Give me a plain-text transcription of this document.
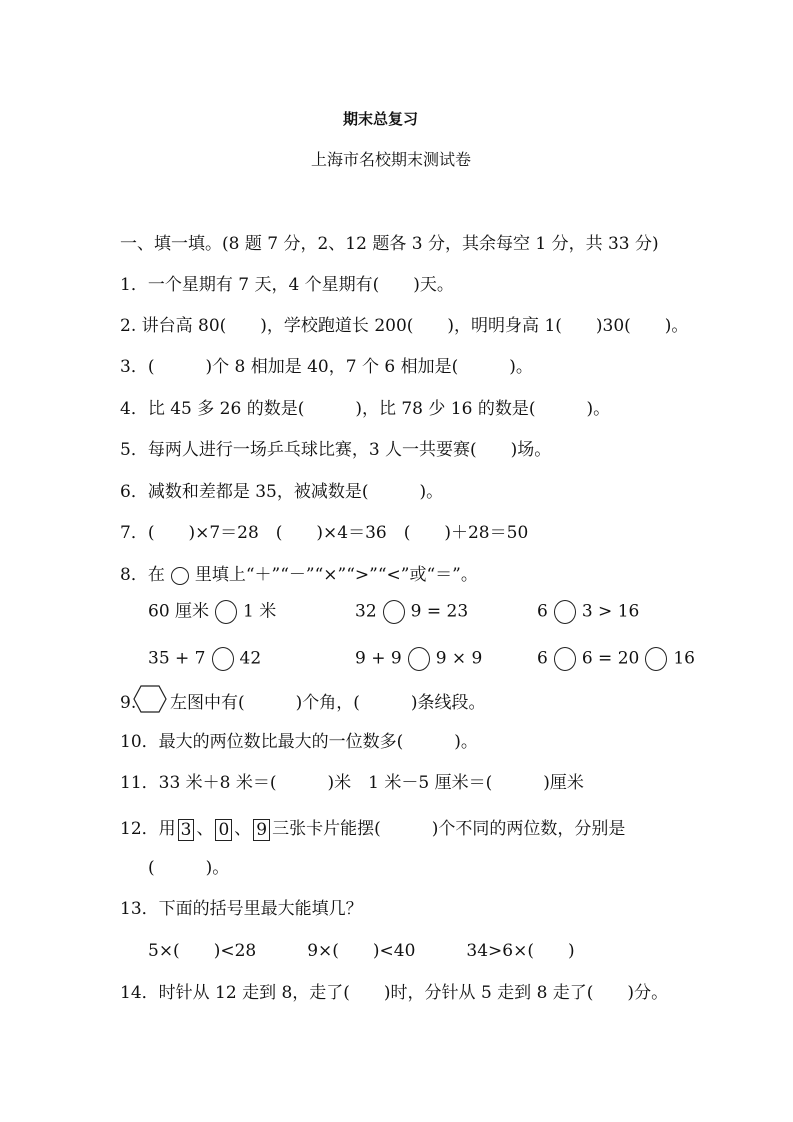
期末总复习
上海市名校期末测试卷
一、填一填。(8 题 7 分，2、12 题各 3 分，其余每空 1 分，共 33 分)
1．一个星期有 7 天，4 个星期有(　　)天。
2. 讲台高 80(　　)，学校跑道长 200(　　)，明明身高 1(　　)30(　　)。
3．(　　　)个 8 相加是 40，7 个 6 相加是(　　　)。
4．比 45 多 26 的数是(　　　)，比 78 少 16 的数是(　　　)。
5．每两人进行一场乒乓球比赛，3 人一共要赛(　　)场。
6．减数和差都是 35，被减数是(　　　)。
7．(　　)×7＝28　(　　)×4＝36　(　　)＋28＝50
8．在 里填上“＋”“－”“×”“>”“<”或“＝”。
60 厘米 1 米	32 9 = 23	6 3 > 16
35 + 7 42	9 + 9 9 × 9	6 6 = 20 16
9. 左图中有(　　　)个角，(　　　)条线段。
10．最大的两位数比最大的一位数多(　　　)。
11．33 米＋8 米＝(　　　)米　1 米－5 厘米＝(　　　)厘米
12．用 3 、 0 、 9 三张卡片能摆(　　　)个不同的两位数，分别是
(　　　)。
13．下面的括号里最大能填几？
5×(　　)<28　　　9×(　　)<40　　　34>6×(　　)
14．时针从 12 走到 8，走了(　　)时，分针从 5 走到 8 走了(　　)分。
